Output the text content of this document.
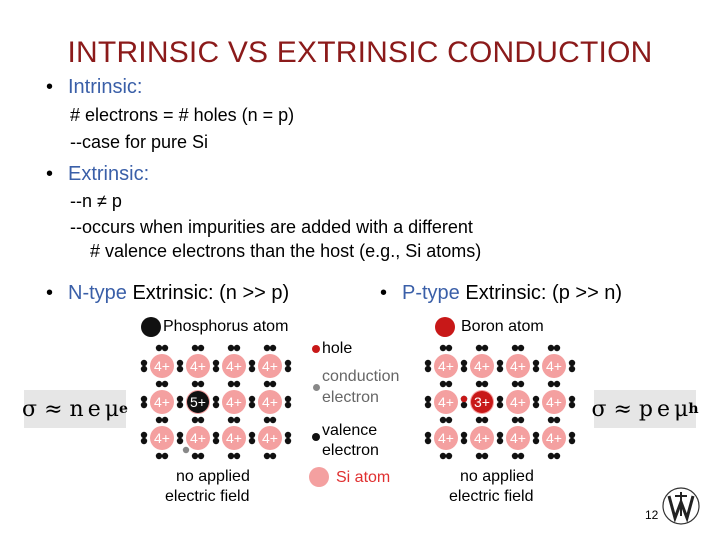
INTRINSIC VS EXTRINSIC CONDUCTION
• Intrinsic:
# electrons = # holes (n = p)
--case for pure Si
• Extrinsic:
--n ≠ p
--occurs when impurities are added with a different
# valence electrons than the host (e.g., Si atoms)
• N-type Extrinsic: (n >> p)	• P-type Extrinsic: (p >> n)
σ
≈
n e μ e	σ
≈
p e μ h
Phosphorus atom	Boron atom
4+ 4+ 4+ 4+
4+ 5+ 4+ 4+
4+ 4+ 4+ 4+
4+ 4+ 4+ 4+
4+ 3+ 4+ 4+
4+ 4+ 4+ 4+
no applied
electric field
no applied
electric field
hole
conduction
electron
valence
electron
Si atom
12
